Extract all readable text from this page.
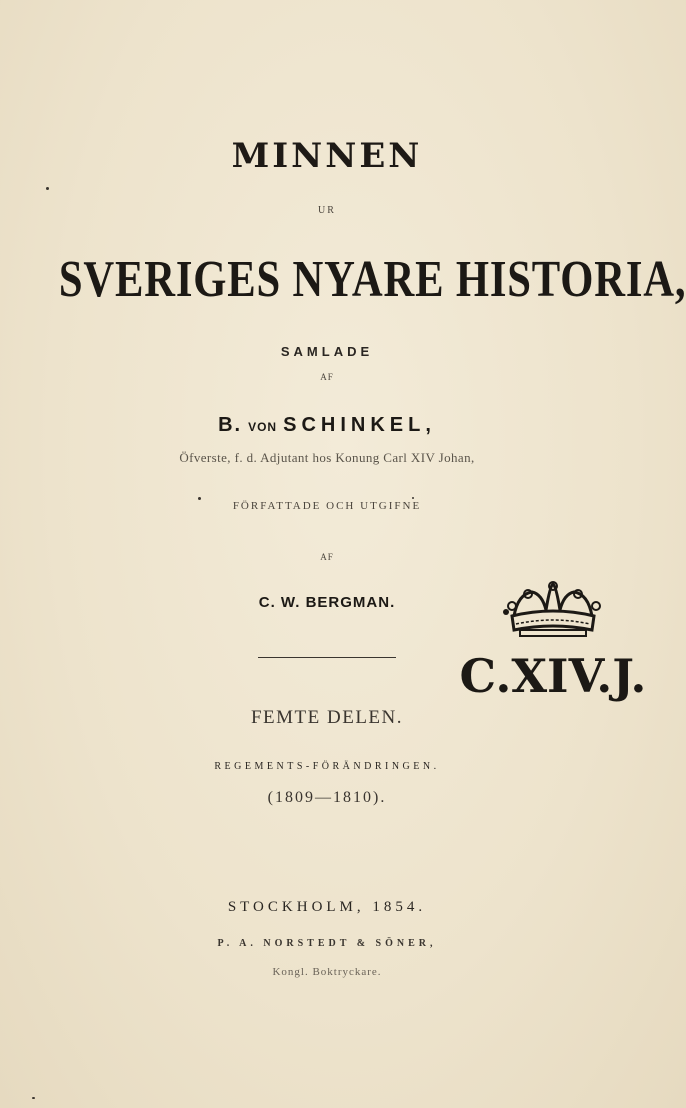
MINNEN
UR
SVERIGES NYARE HISTORIA,
SAMLADE
AF
B. VON SCHINKEL,
Öfverste, f. d. Adjutant hos Konung Carl XIV Johan,
FÖRFATTADE OCH UTGIFNE
AF
C. W. BERGMAN.
FEMTE DELEN.
REGEMENTS-FÖRÄNDRINGEN.
(1809—1810).
STOCKHOLM, 1854.
P. A. NORSTEDT & SÖNER,
Kongl. Boktryckare.
C.XIV.J.
